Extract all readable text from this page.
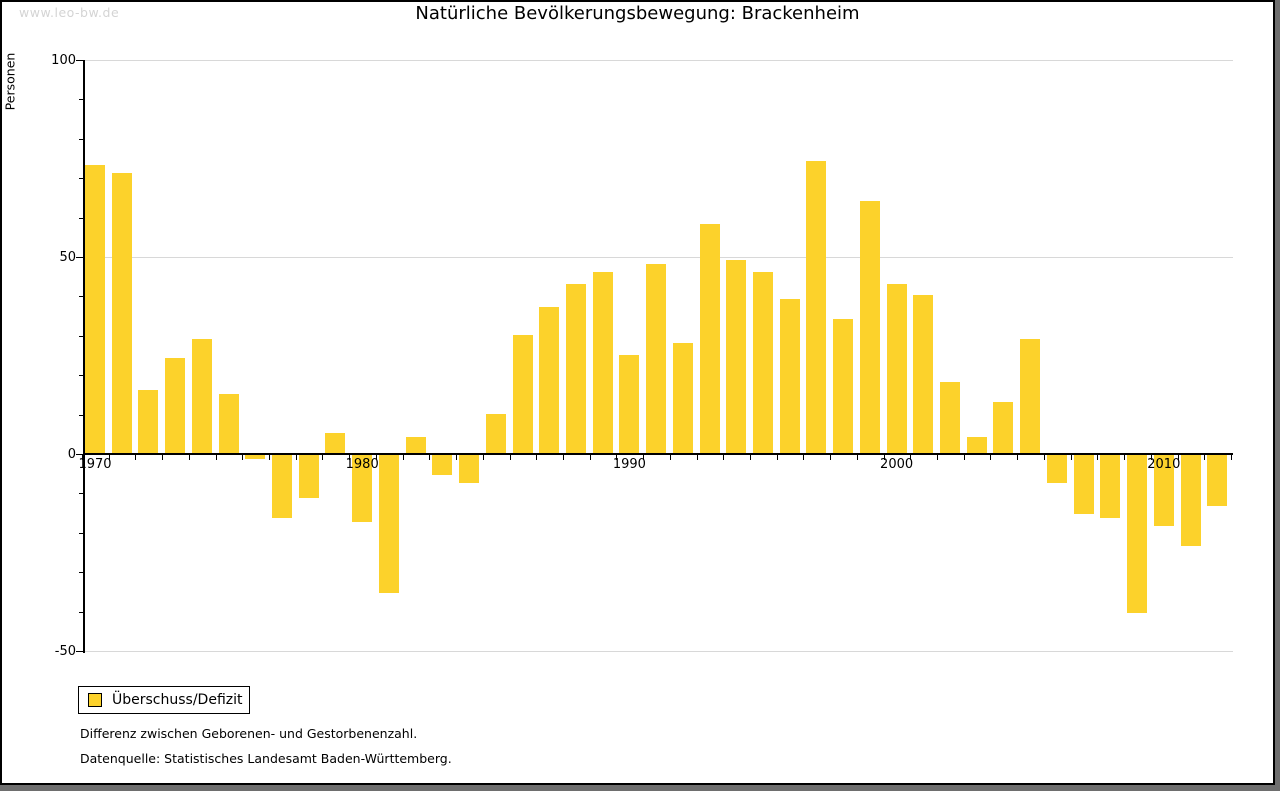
www.leo-bw.de	Natürliche Bevölkerungsbewegung: Brackenheim
Personen	100
50
0
-50
1970	1980	1990	2000	2010
Überschuss/Defizit

Differenz zwischen Geborenen- und Gestorbenenzahl.

Datenquelle: Statistisches Landesamt Baden-Württemberg.
